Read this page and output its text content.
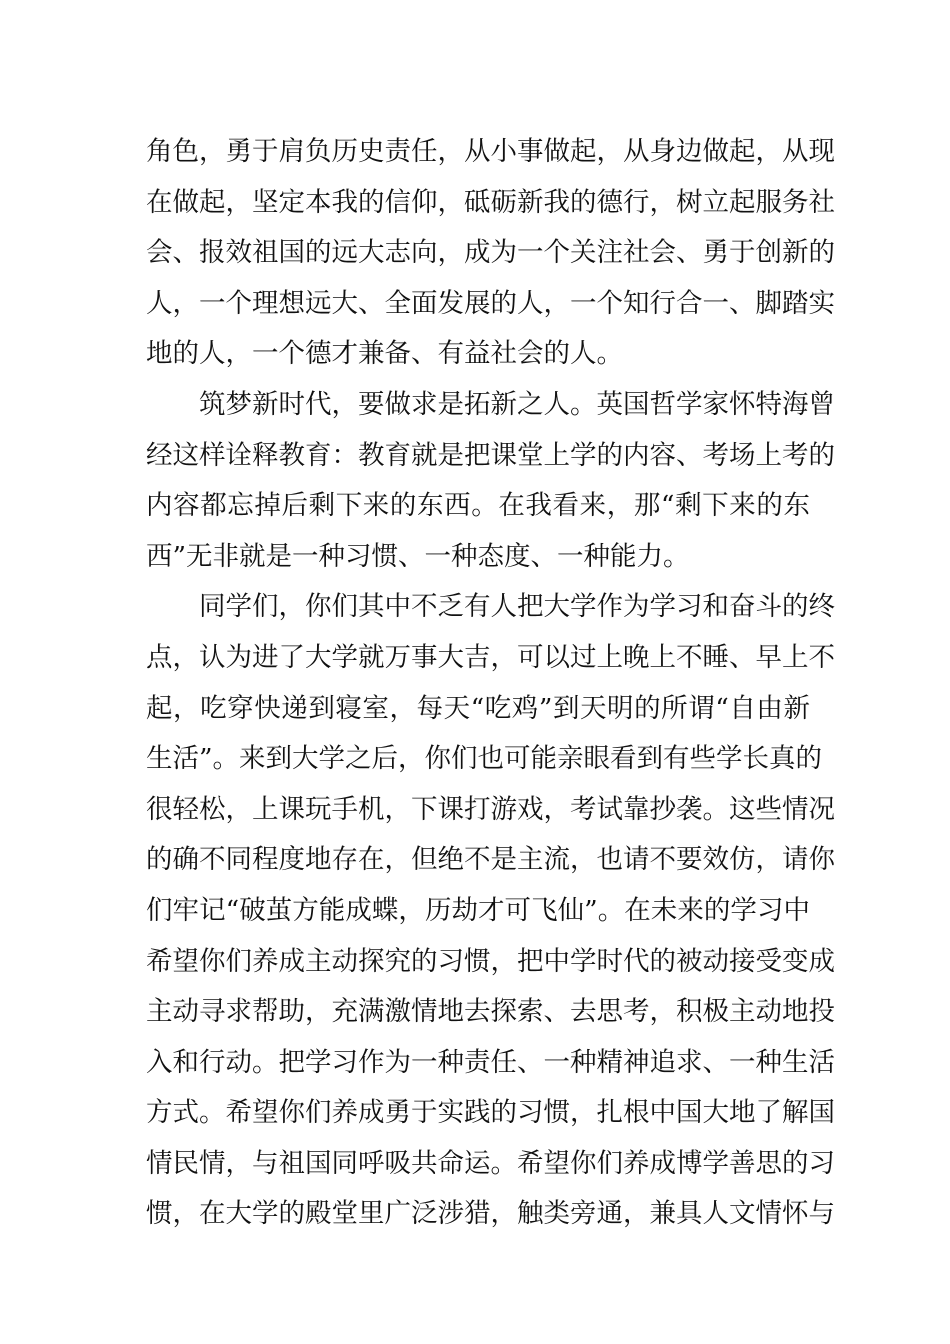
角色，勇于肩负历史责任，从小事做起，从身边做起，从现
在做起，坚定本我的信仰，砥砺新我的德行，树立起服务社
会、报效祖国的远大志向，成为一个关注社会、勇于创新的
人，一个理想远大、全面发展的人，一个知行合一、脚踏实
地的人，一个德才兼备、有益社会的人。
筑梦新时代，要做求是拓新之人。英国哲学家怀特海曾
经这样诠释教育：教育就是把课堂上学的内容、考场上考的
内容都忘掉后剩下来的东西。在我看来，那“剩下来的东
西”无非就是一种习惯、一种态度、一种能力。
同学们，你们其中不乏有人把大学作为学习和奋斗的终
点，认为进了大学就万事大吉，可以过上晚上不睡、早上不
起，吃穿快递到寝室，每天“吃鸡”到天明的所谓“自由新
生活”。来到大学之后，你们也可能亲眼看到有些学长真的
很轻松，上课玩手机，下课打游戏，考试靠抄袭。这些情况
的确不同程度地存在，但绝不是主流，也请不要效仿，请你
们牢记“破茧方能成蝶，历劫才可飞仙”。在未来的学习中
希望你们养成主动探究的习惯，把中学时代的被动接受变成
主动寻求帮助，充满激情地去探索、去思考，积极主动地投
入和行动。把学习作为一种责任、一种精神追求、一种生活
方式。希望你们养成勇于实践的习惯，扎根中国大地了解国
情民情，与祖国同呼吸共命运。希望你们养成博学善思的习
惯，在大学的殿堂里广泛涉猎，触类旁通，兼具人文情怀与
